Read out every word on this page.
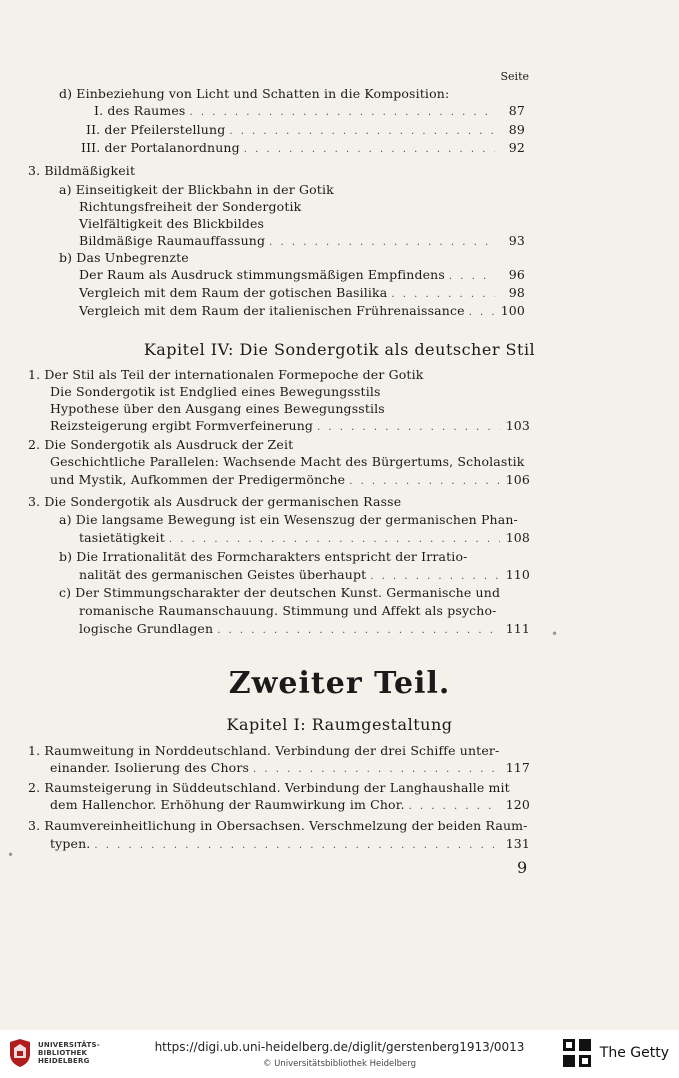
Seite
d) Einbeziehung von Licht und Schatten in die Komposition:
I. des Raumes . . .	87
II. der Pfeilerstellung . . .	89
III. der Portalanordnung . . .	92
3. Bildmäßigkeit
a) Einseitigkeit der Blickbahn in der Gotik
Richtungsfreiheit der Sondergotik
Vielfältigkeit des Blickbildes
Bildmäßige Raumauffassung . . .	93
b) Das Unbegrenzte
Der Raum als Ausdruck stimmungsmäßigen Empfindens . . .	96
Vergleich mit dem Raum der gotischen Basilika . . .	98
Vergleich mit dem Raum der italienischen Frührenaissance . . .	100
Kapitel IV: Die Sondergotik als deutscher Stil
1. Der Stil als Teil der internationalen Formepoche der Gotik
Die Sondergotik ist Endglied eines Bewegungsstils
Hypothese über den Ausgang eines Bewegungsstils
Reizsteigerung ergibt Formverfeinerung . . .	103
2. Die Sondergotik als Ausdruck der Zeit
Geschichtliche Parallelen: Wachsende Macht des Bürgertums, Scholastik
und Mystik, Aufkommen der Predigermönche . . .	106
3. Die Sondergotik als Ausdruck der germanischen Rasse
a) Die langsame Bewegung ist ein Wesenszug der germanischen Phan-
tasietätigkeit . . .	108
b) Die Irrationalität des Formcharakters entspricht der Irratio-
nalität des germanischen Geistes überhaupt . . .	110
c) Der Stimmungscharakter der deutschen Kunst. Germanische und
romanische Raumanschauung. Stimmung und Affekt als psycho-
logische Grundlagen . . .	111
Zweiter Teil.
Kapitel I: Raumgestaltung
1. Raumweitung in Norddeutschland. Verbindung der drei Schiffe unter-
einander. Isolierung des Chors . . .	117
2. Raumsteigerung in Süddeutschland. Verbindung der Langhaushalle mit
dem Hallenchor. Erhöhung der Raumwirkung im Chor. . . .	120
3. Raumvereinheitlichung in Obersachsen. Verschmelzung der beiden Raum-
typen. . . .	131
9
•
•
UNIVERSITÄTS-
BIBLIOTHEK
HEIDELBERG
https://digi.ub.uni-heidelberg.de/diglit/gerstenberg1913/0013
© Universitätsbibliothek Heidelberg
The Getty
